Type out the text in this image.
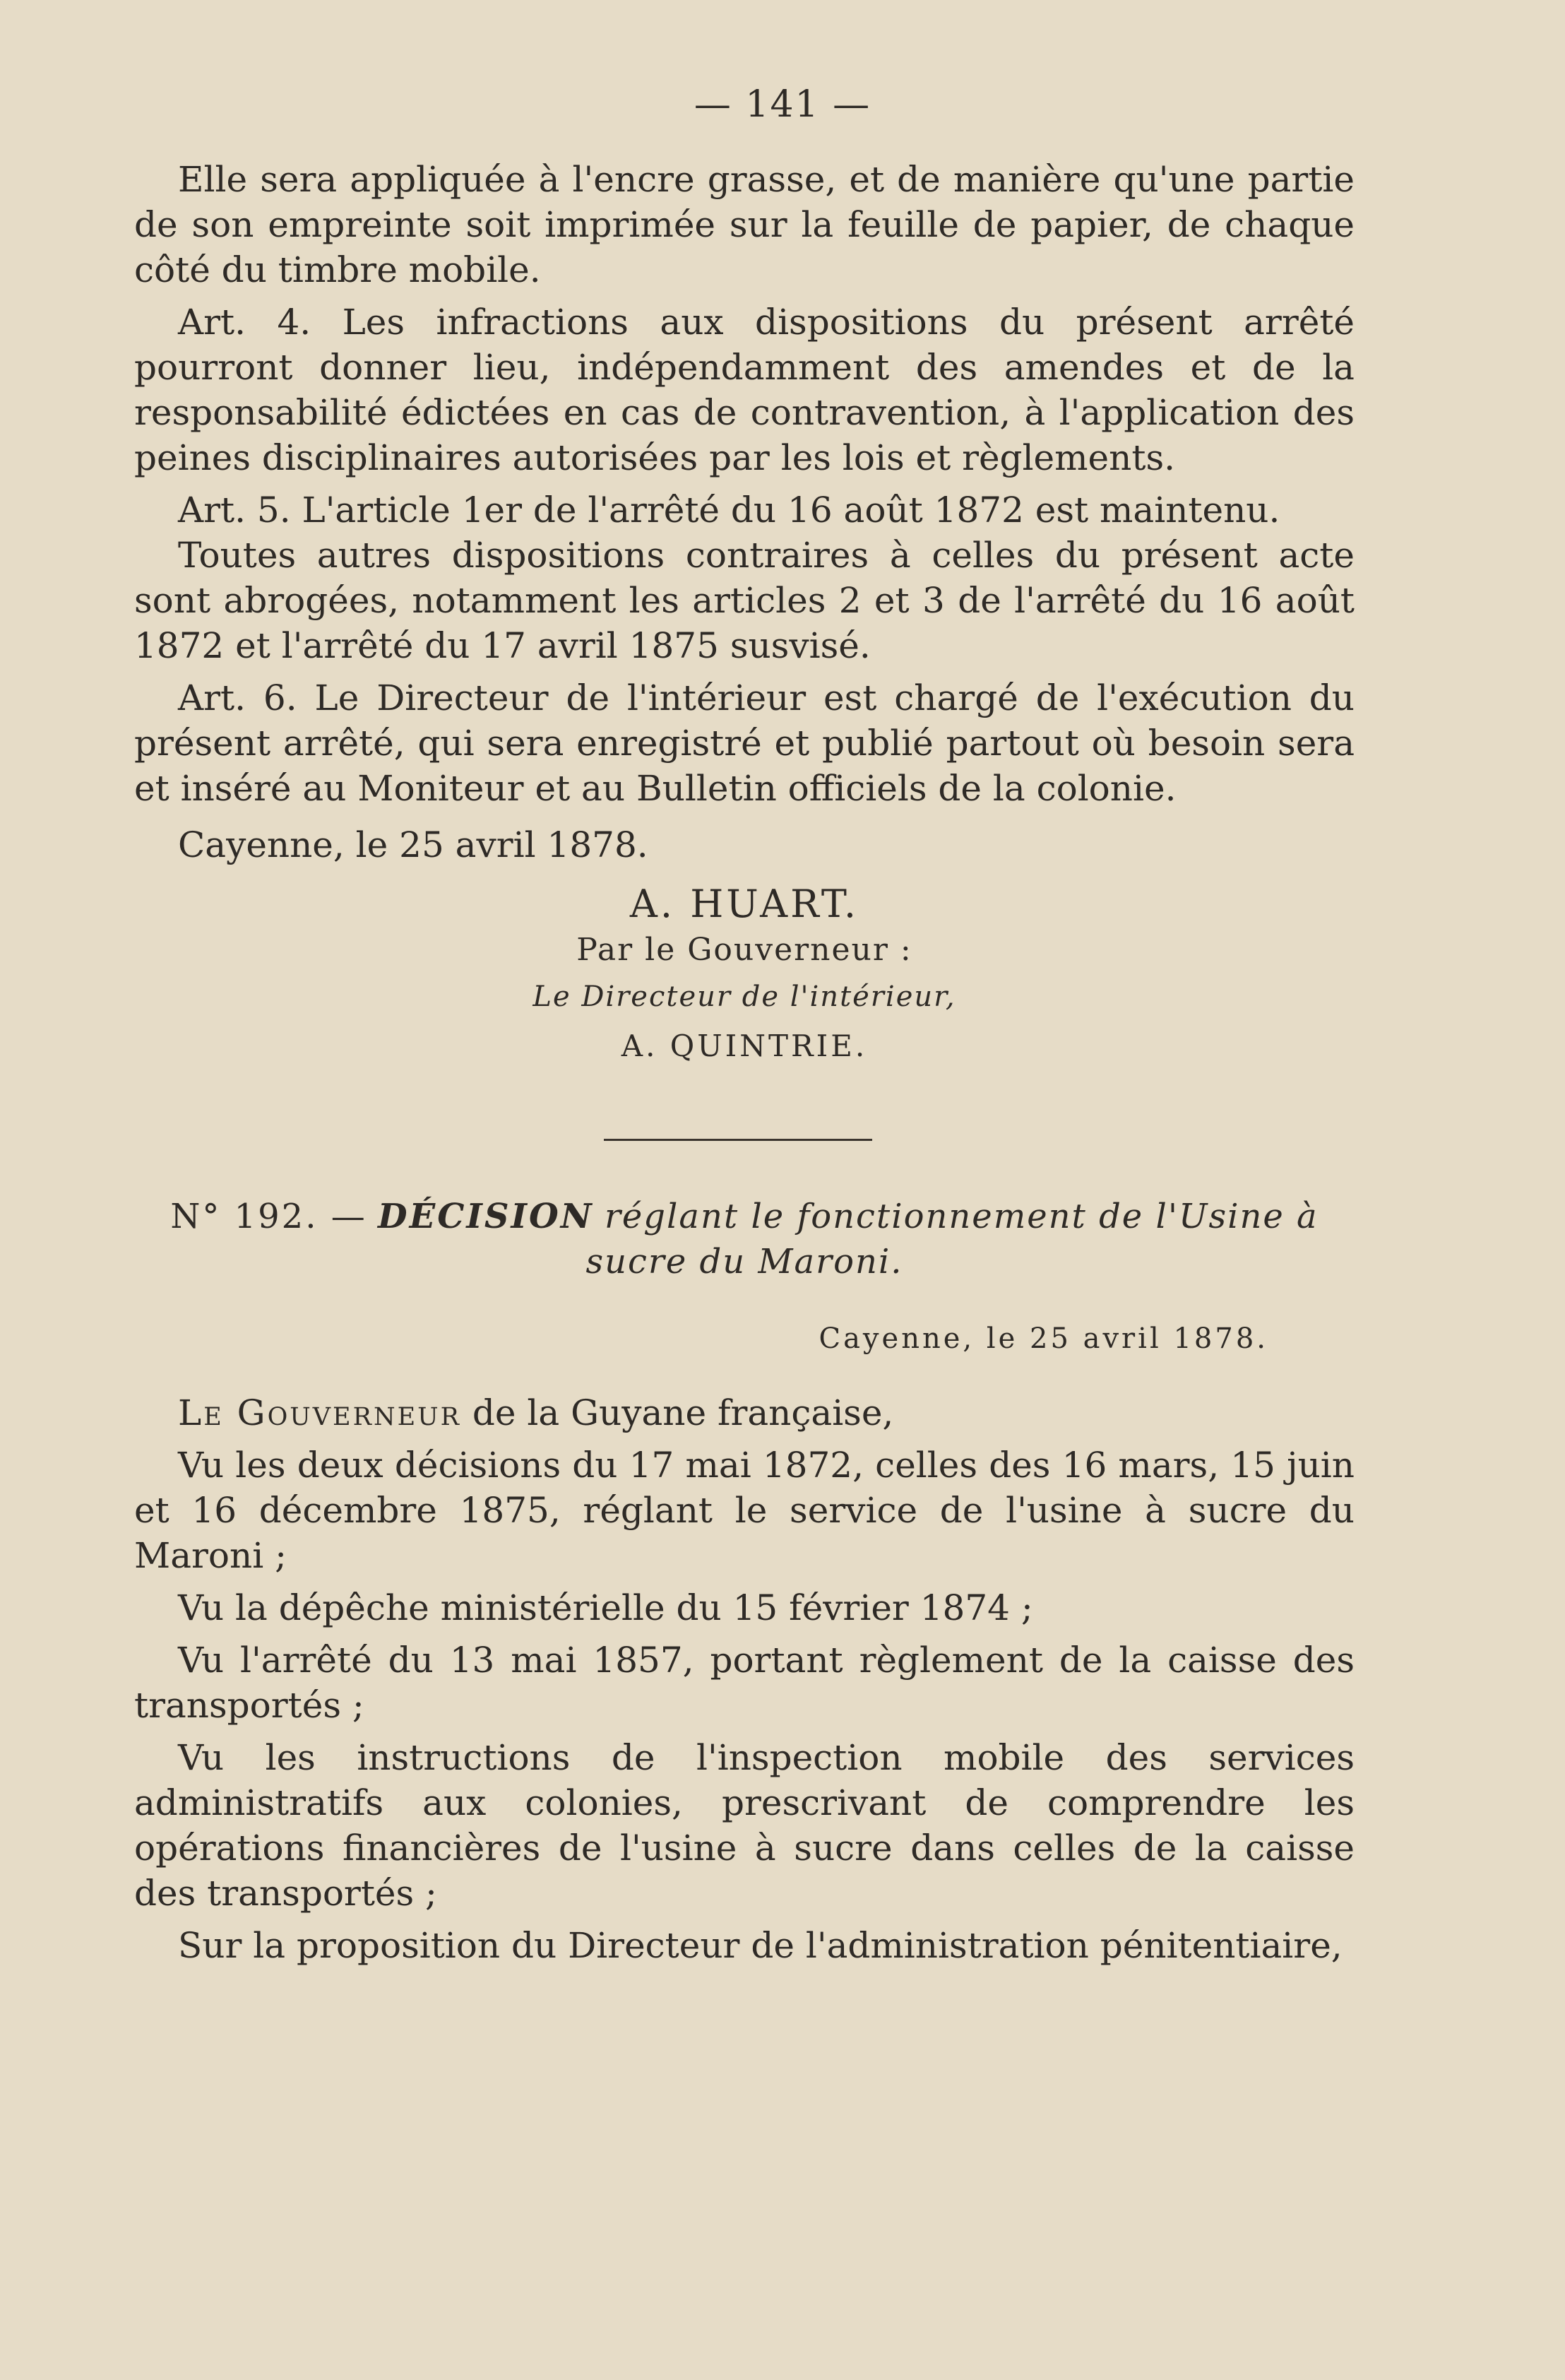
— 141 —

Elle sera appliquée à l'encre grasse, et de manière qu'une partie de son empreinte soit imprimée sur la feuille de papier, de chaque côté du timbre mobile.

Art. 4. Les infractions aux dispositions du présent arrêté pourront donner lieu, indépendamment des amendes et de la responsabilité édictées en cas de contravention, à l'application des peines disciplinaires autorisées par les lois et règlements.

Art. 5. L'article 1er de l'arrêté du 16 août 1872 est maintenu.

Toutes autres dispositions contraires à celles du présent acte sont abrogées, notamment les articles 2 et 3 de l'arrêté du 16 août 1872 et l'arrêté du 17 avril 1875 susvisé.

Art. 6. Le Directeur de l'intérieur est chargé de l'exécution du présent arrêté, qui sera enregistré et publié partout où besoin sera et inséré au Moniteur et au Bulletin officiels de la colonie.

Cayenne, le 25 avril 1878.

A. HUART.

Par le Gouverneur :

Le Directeur de l'intérieur,

A. QUINTRIE.

N° 192. — DÉCISION réglant le fonctionnement de l'Usine à sucre du Maroni.
Cayenne, le 25 avril 1878.

Le Gouverneur de la Guyane française,

Vu les deux décisions du 17 mai 1872, celles des 16 mars, 15 juin et 16 décembre 1875, réglant le service de l'usine à sucre du Maroni ;

Vu la dépêche ministérielle du 15 février 1874 ;

Vu l'arrêté du 13 mai 1857, portant règlement de la caisse des transportés ;

Vu les instructions de l'inspection mobile des services administratifs aux colonies, prescrivant de comprendre les opérations financières de l'usine à sucre dans celles de la caisse des transportés ;

Sur la proposition du Directeur de l'administration pénitentiaire,
